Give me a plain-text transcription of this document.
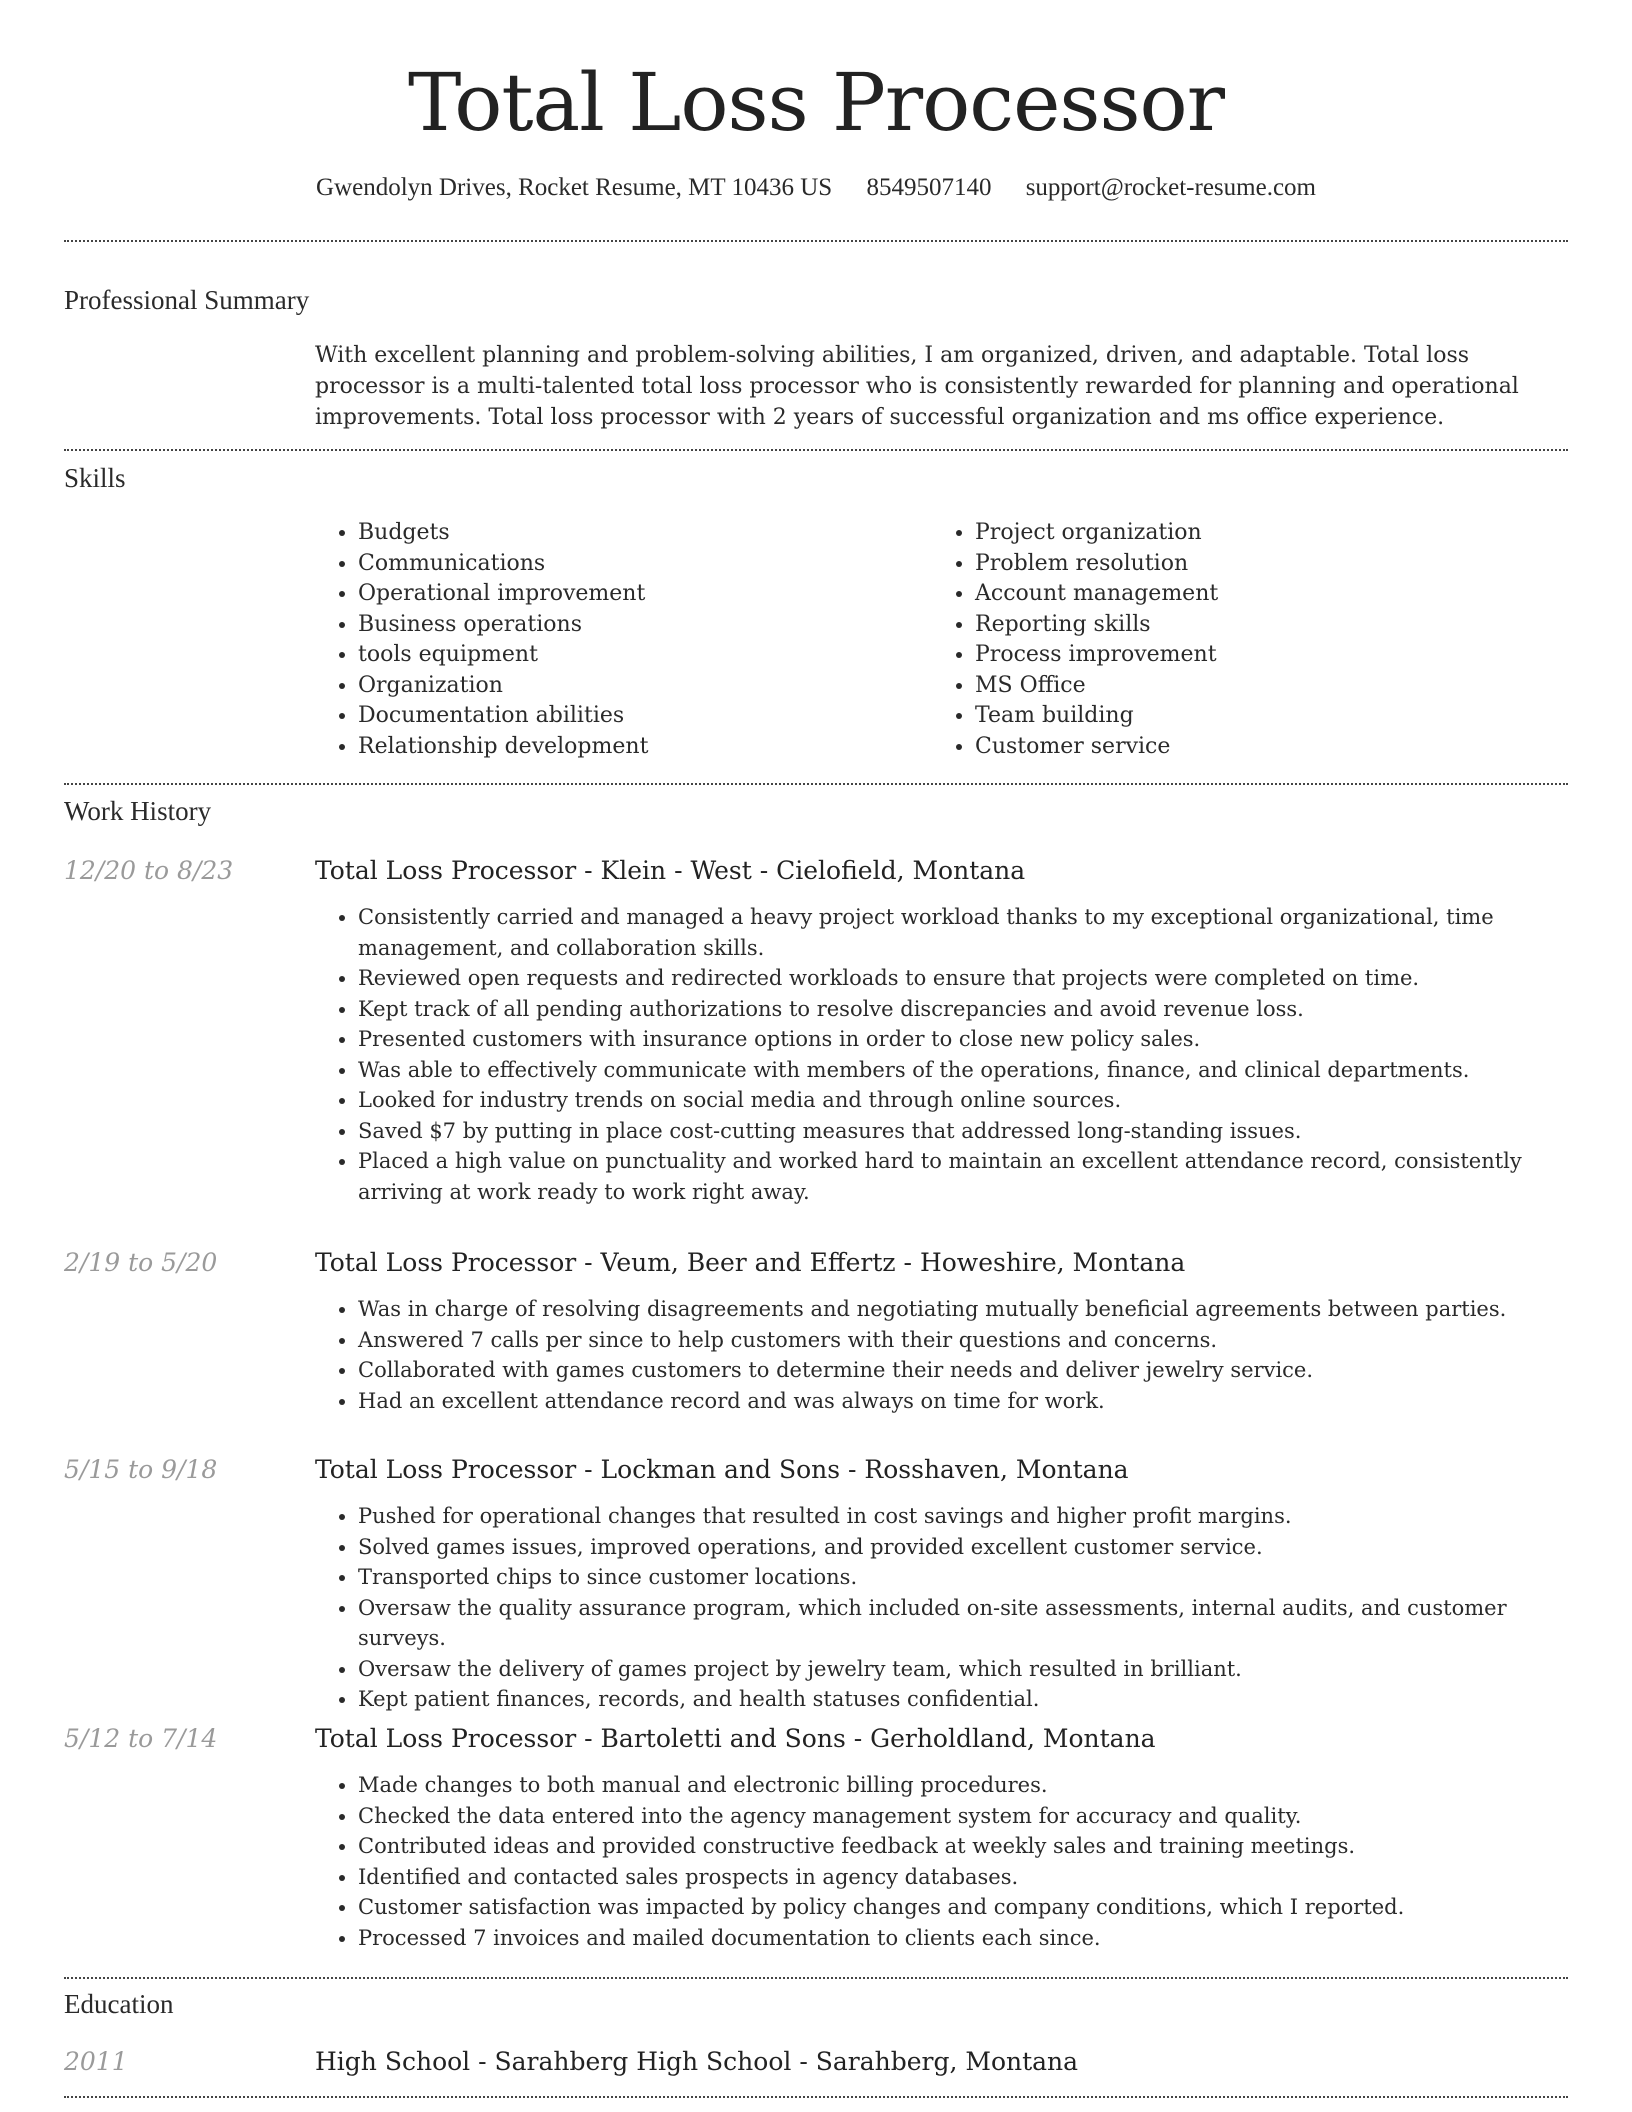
Total Loss Processor
Gwendolyn Drives, Rocket Resume, MT 10436 US 8549507140 support@rocket-resume.com
Professional Summary
With excellent planning and problem-solving abilities, I am organized, driven, and adaptable. Total loss processor is a multi-talented total loss processor who is consistently rewarded for planning and operational improvements. Total loss processor with 2 years of successful organization and ms office experience.
Skills
• Budgets
• Communications
• Operational improvement
• Business operations
• tools equipment
• Organization
• Documentation abilities
• Relationship development
• Project organization
• Problem resolution
• Account management
• Reporting skills
• Process improvement
• MS Office
• Team building
• Customer service
Work History
12/20 to 8/23	Total Loss Processor - Klein - West - Cielofield, Montana
• Consistently carried and managed a heavy project workload thanks to my exceptional organizational, time management, and collaboration skills.
• Reviewed open requests and redirected workloads to ensure that projects were completed on time.
• Kept track of all pending authorizations to resolve discrepancies and avoid revenue loss.
• Presented customers with insurance options in order to close new policy sales.
• Was able to effectively communicate with members of the operations, finance, and clinical departments.
• Looked for industry trends on social media and through online sources.
• Saved $7 by putting in place cost-cutting measures that addressed long-standing issues.
• Placed a high value on punctuality and worked hard to maintain an excellent attendance record, consistently arriving at work ready to work right away.
2/19 to 5/20	Total Loss Processor - Veum, Beer and Effertz - Howeshire, Montana
• Was in charge of resolving disagreements and negotiating mutually beneficial agreements between parties.
• Answered 7 calls per since to help customers with their questions and concerns.
• Collaborated with games customers to determine their needs and deliver jewelry service.
• Had an excellent attendance record and was always on time for work.
5/15 to 9/18	Total Loss Processor - Lockman and Sons - Rosshaven, Montana
• Pushed for operational changes that resulted in cost savings and higher profit margins.
• Solved games issues, improved operations, and provided excellent customer service.
• Transported chips to since customer locations.
• Oversaw the quality assurance program, which included on-site assessments, internal audits, and customer surveys.
• Oversaw the delivery of games project by jewelry team, which resulted in brilliant.
• Kept patient finances, records, and health statuses confidential.
5/12 to 7/14	Total Loss Processor - Bartoletti and Sons - Gerholdland, Montana
• Made changes to both manual and electronic billing procedures.
• Checked the data entered into the agency management system for accuracy and quality.
• Contributed ideas and provided constructive feedback at weekly sales and training meetings.
• Identified and contacted sales prospects in agency databases.
• Customer satisfaction was impacted by policy changes and company conditions, which I reported.
• Processed 7 invoices and mailed documentation to clients each since.
Education
2011	High School - Sarahberg High School - Sarahberg, Montana
